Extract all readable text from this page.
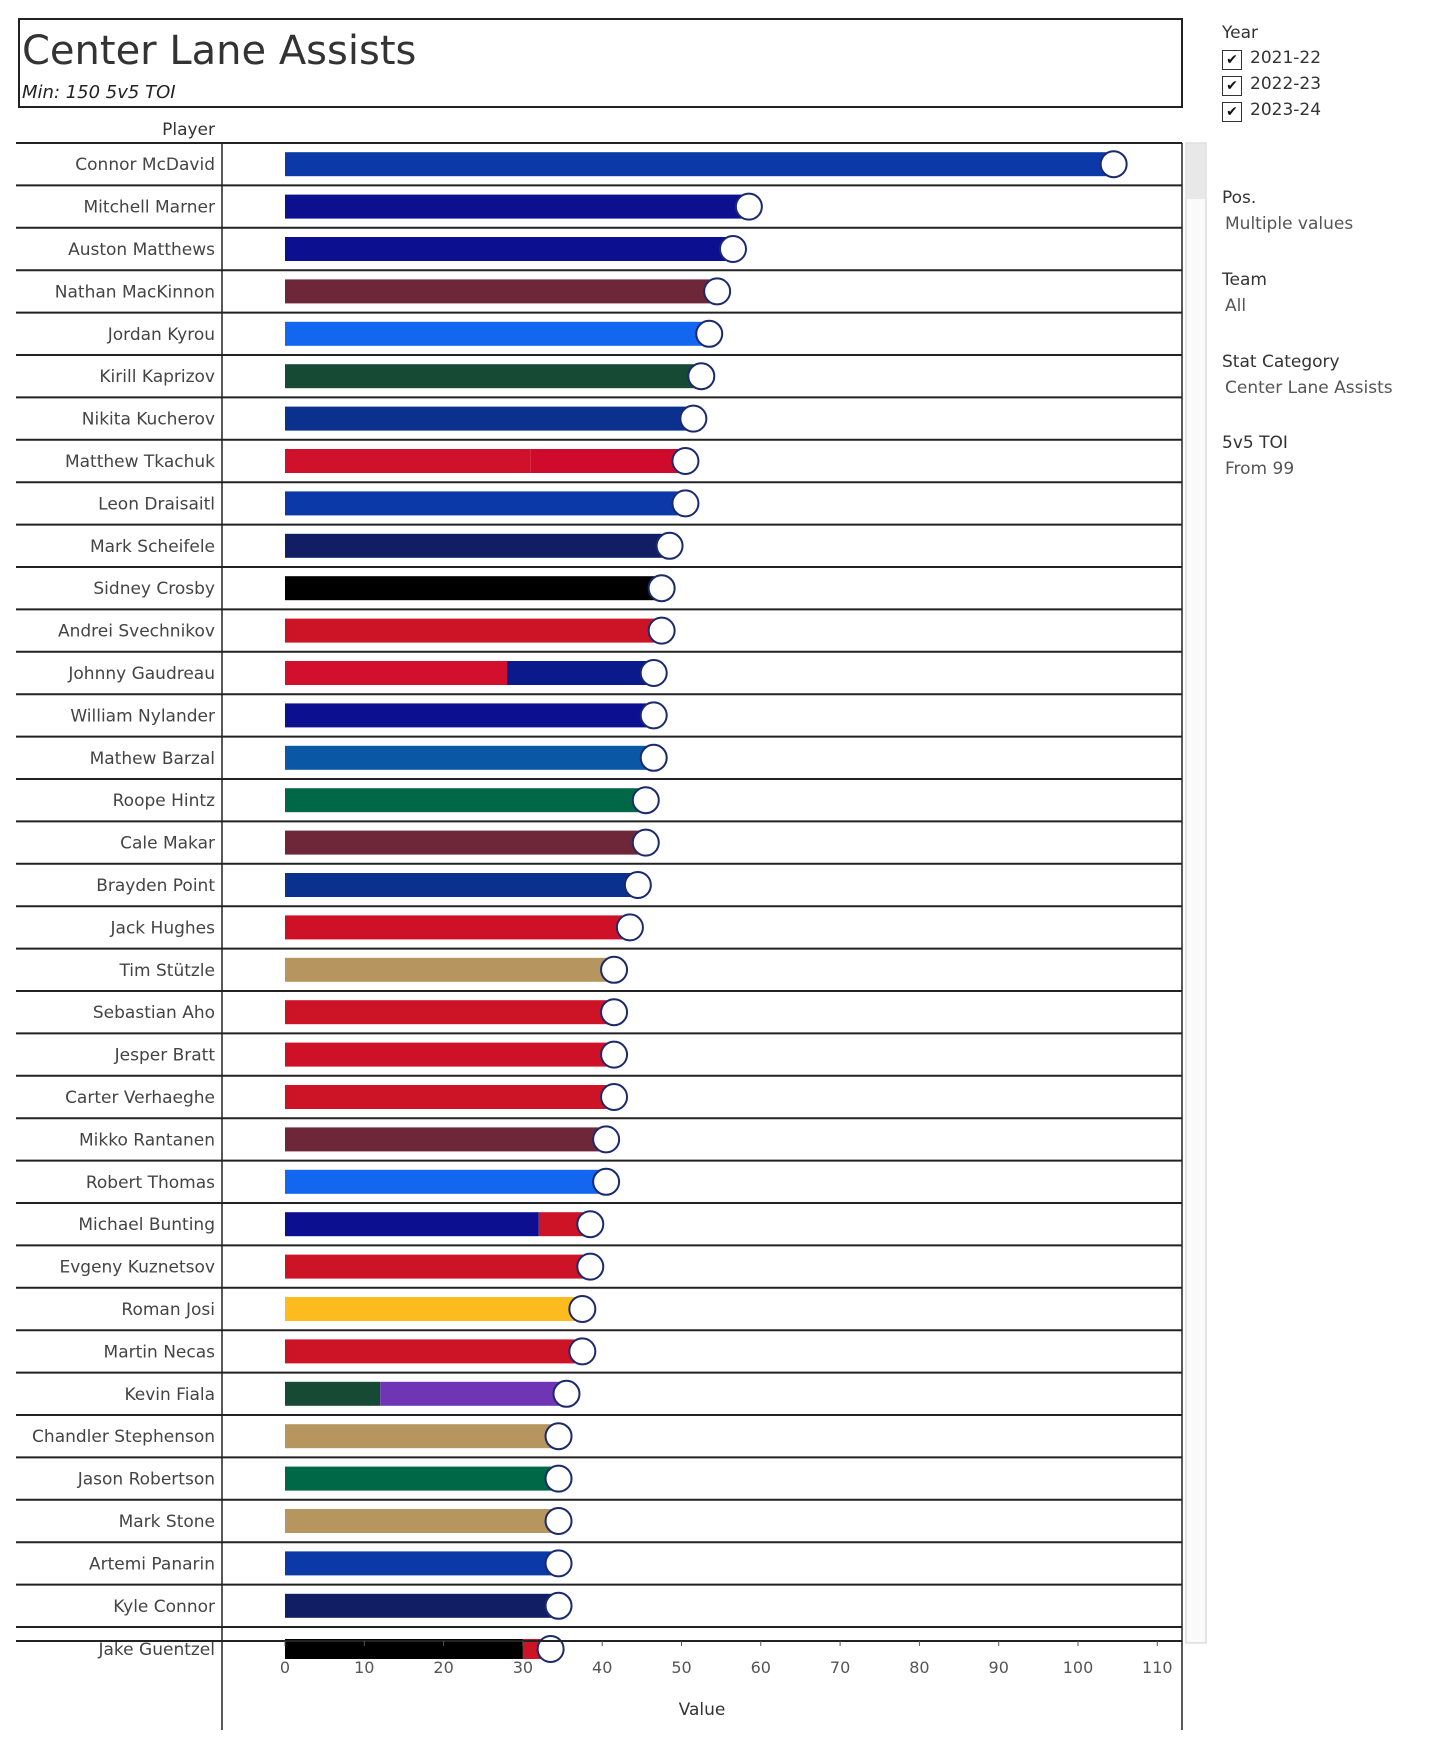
Center Lane Assists
Min: 150 5v5 TOI
Player
Connor McDavid
Mitchell Marner
Auston Matthews
Nathan MacKinnon
Jordan Kyrou
Kirill Kaprizov
Nikita Kucherov
Matthew Tkachuk
Leon Draisaitl
Mark Scheifele
Sidney Crosby
Andrei Svechnikov
Johnny Gaudreau
William Nylander
Mathew Barzal
Roope Hintz
Cale Makar
Brayden Point
Jack Hughes
Tim Stützle
Sebastian Aho
Jesper Bratt
Carter Verhaeghe
Mikko Rantanen
Robert Thomas
Michael Bunting
Evgeny Kuznetsov
Roman Josi
Martin Necas
Kevin Fiala
Chandler Stephenson
Jason Robertson
Mark Stone
Artemi Panarin
Kyle Connor
Jake Guentzel
0	10	20	30	40	50	60	70	80	90	100	110
Value
Year
✔ 2021-22
✔ 2022-23
✔ 2023-24
Pos.
Multiple values
Team
All
Stat Category
Center Lane Assists
5v5 TOI
From 99
